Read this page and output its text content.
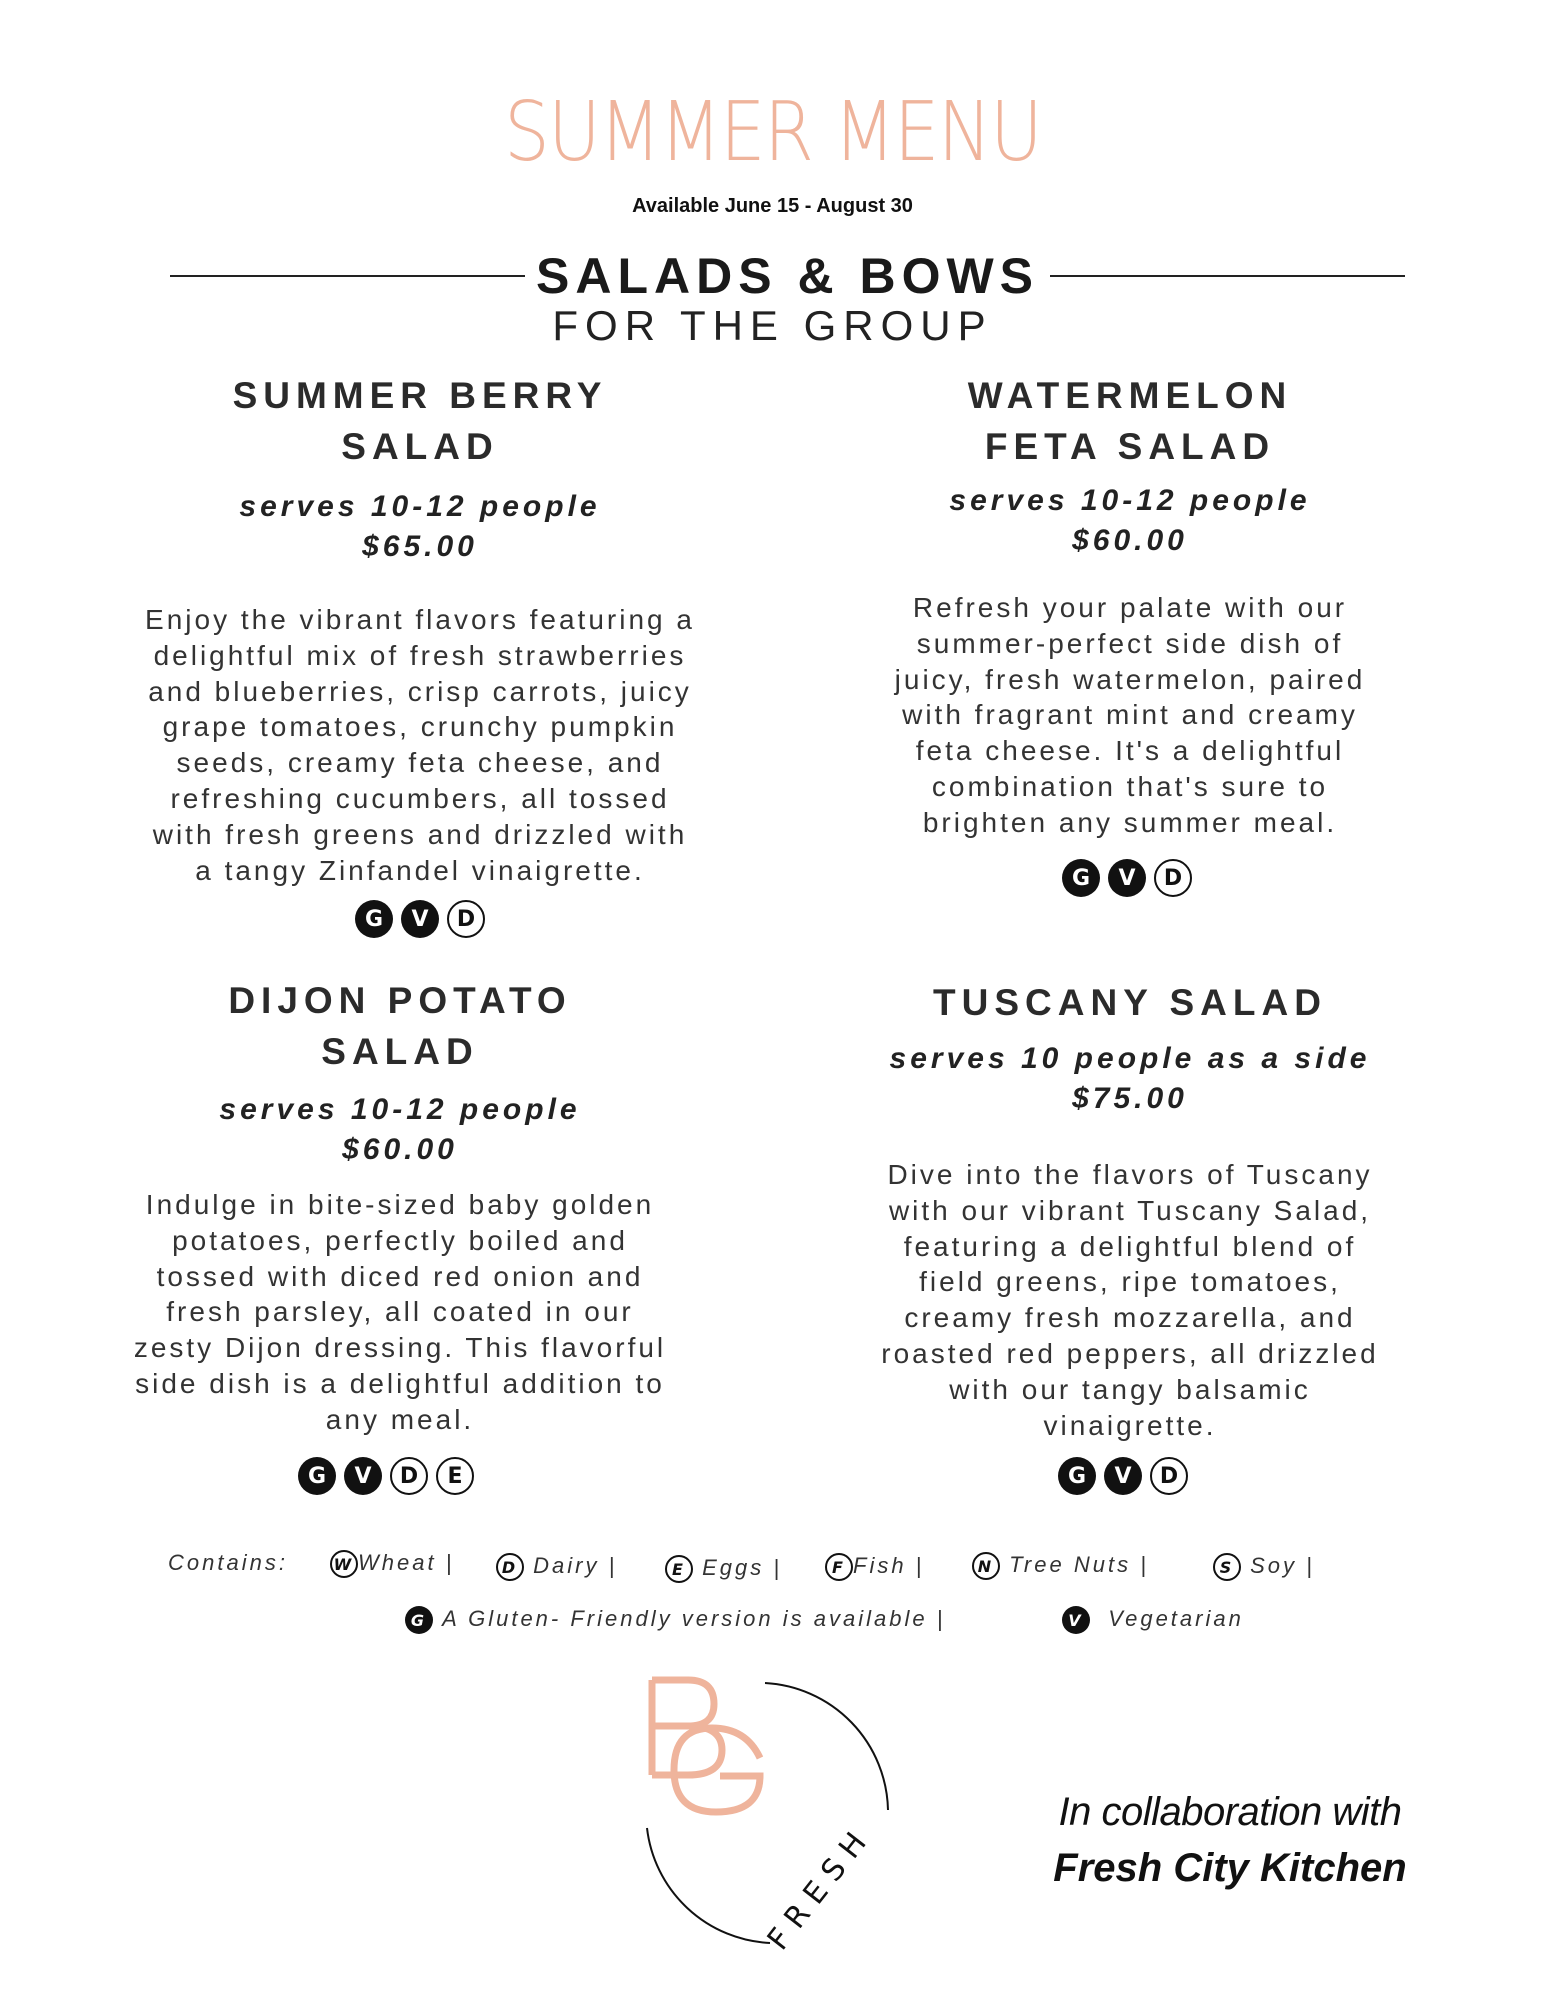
SUMMER MENU
Available June 15 - August 30
SALADS & BOWS
FOR THE GROUP
SUMMER BERRY
SALAD
serves 10-12 people
$65.00
Enjoy the vibrant flavors featuring a
delightful mix of fresh strawberries
and blueberries, crisp carrots, juicy
grape tomatoes, crunchy pumpkin
seeds, creamy feta cheese, and
refreshing cucumbers, all tossed
with fresh greens and drizzled with
a tangy Zinfandel vinaigrette.
G	V	D
WATERMELON
FETA SALAD
serves 10-12 people
$60.00
Refresh your palate with our
summer-perfect side dish of
juicy, fresh watermelon, paired
with fragrant mint and creamy
feta cheese. It's a delightful
combination that's sure to
brighten any summer meal.
G	V	D
DIJON POTATO
SALAD
serves 10-12 people
$60.00
Indulge in bite-sized baby golden
potatoes, perfectly boiled and
tossed with diced red onion and
fresh parsley, all coated in our
zesty Dijon dressing. This flavorful
side dish is a delightful addition to
any meal.
G	V	D	E
TUSCANY SALAD
serves 10 people as a side
$75.00
Dive into the flavors of Tuscany
with our vibrant Tuscany Salad,
featuring a delightful blend of
field greens, ripe tomatoes,
creamy fresh mozzarella, and
roasted red peppers, all drizzled
with our tangy balsamic
vinaigrette.
G	V	D
Contains:	W Wheat |	D Dairy |	E Eggs |	F Fish |	N Tree Nuts |	S Soy |
G A Gluten- Friendly version is available |	V Vegetarian
FRESH
In collaboration with
Fresh City Kitchen
